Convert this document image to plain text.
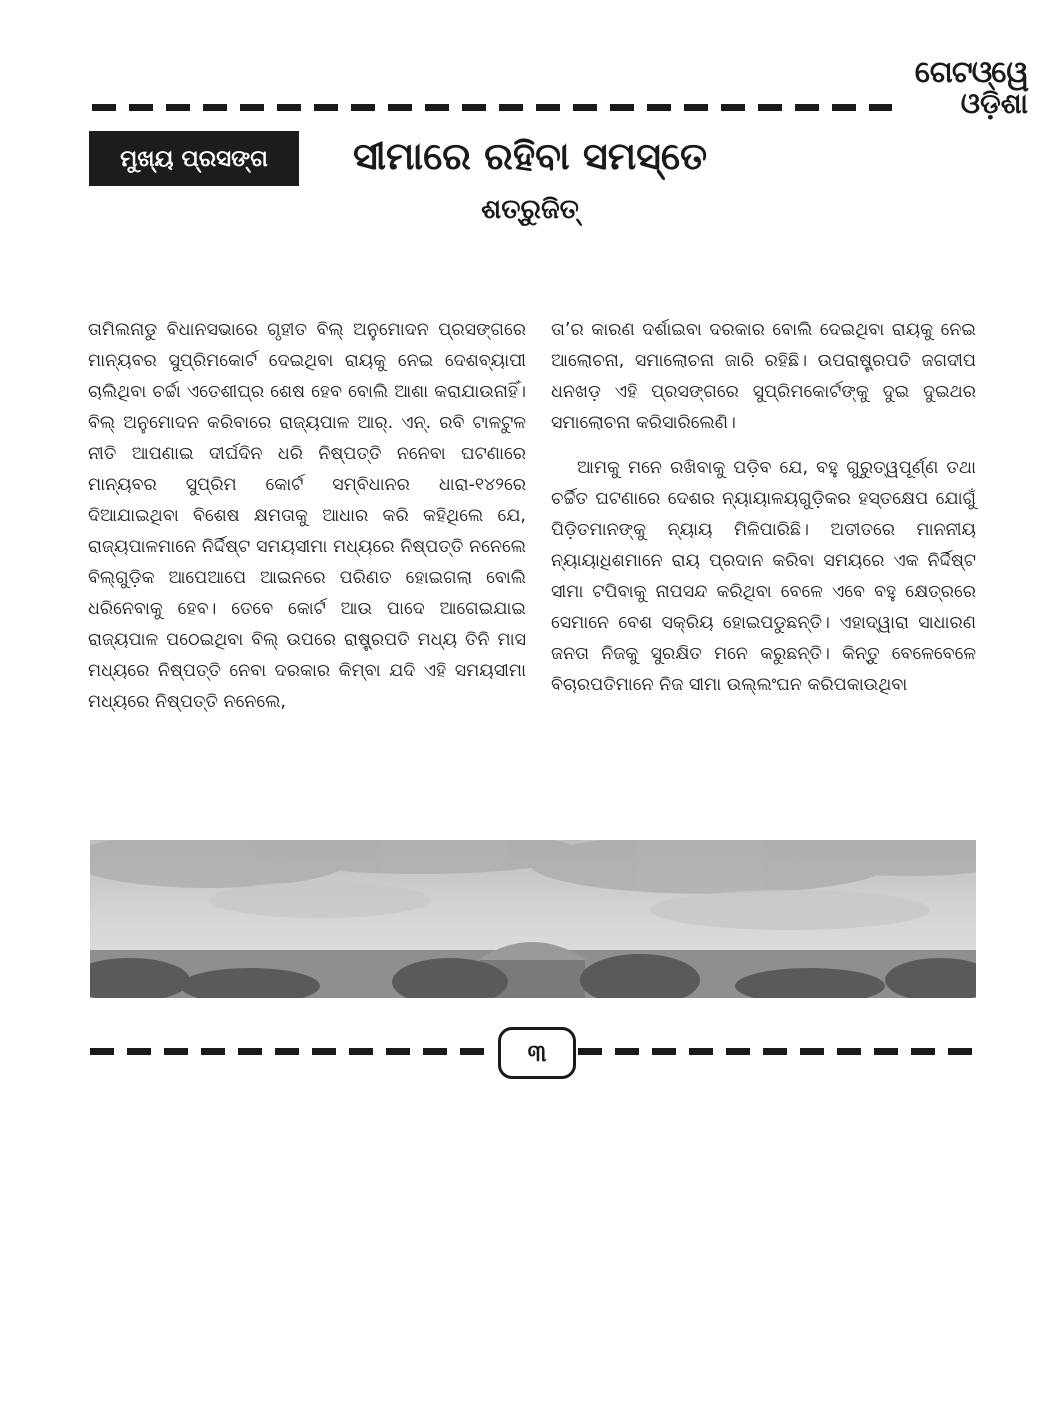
ଗେଟଓ୍ୱେ
ଓଡ଼ିଶା
ମୁଖ୍ୟ ପ୍ରସଙ୍ଗ	ସୀମାରେ ରହିବା ସମସ୍ତେ
ଶତ୍ରୁଜିତ୍

ତାମିଲନାଡୁ ବିଧାନସଭାରେ ଗୃହୀତ ବିଲ୍ ଅନୁମୋଦନ ପ୍ରସଙ୍ଗରେ ମାନ୍ୟବର ସୁପ୍ରିମକୋର୍ଟ ଦେଇଥିବା ରାୟକୁ ନେଇ ଦେଶବ୍ୟାପୀ ଚାଲିଥିବା ଚର୍ଚ୍ଚା ଏତେଶୀଘ୍ର ଶେଷ ହେବ ବୋଲି ଆଶା କରାଯାଉନାହିଁ। ବିଲ୍ ଅନୁମୋଦନ କରିବାରେ ରାଜ୍ୟପାଳ ଆର୍. ଏନ୍. ରବି ଟାଳଟୁଳ ନୀତି ଆପଣାଇ ଦୀର୍ଘଦିନ ଧରି ନିଷ୍ପତ୍ତି ନନେବା ଘଟଣାରେ ମାନ୍ୟବର ସୁପ୍ରିମ କୋର୍ଟ ସମ୍ବିଧାନର ଧାରା-୧୪୨ରେ ଦିଆଯାଇଥିବା ବିଶେଷ କ୍ଷମତାକୁ ଆଧାର କରି କହିଥିଲେ ଯେ, ରାଜ୍ୟପାଳମାନେ ନିର୍ଦ୍ଦିଷ୍ଟ ସମୟସୀମା ମଧ୍ୟରେ ନିଷ୍ପତ୍ତି ନନେଲେ ବିଲ୍‌ଗୁଡ଼ିକ ଆପେଆପେ ଆଇନରେ ପରିଣତ ହୋଇଗଲା ବୋଲି ଧରିନେବାକୁ ହେବ। ତେବେ କୋର୍ଟ ଆଉ ପାଦେ ଆଗେଇଯାଇ ରାଜ୍ୟପାଳ ପଠେଇଥିବା ବିଲ୍ ଉପରେ ରାଷ୍ଟ୍ରପତି ମଧ୍ୟ ତିନି ମାସ ମଧ୍ୟରେ ନିଷ୍ପତ୍ତି ନେବା ଦରକାର କିମ୍ବା ଯଦି ଏହି ସମୟସୀମା ମଧ୍ୟରେ ନିଷ୍ପତ୍ତି ନନେଲେ,

ତା’ର କାରଣ ଦର୍ଶାଇବା ଦରକାର ବୋଲି ଦେଇଥିବା ରାୟକୁ ନେଇ ଆଲୋଚନା, ସମାଲୋଚନା ଜାରି ରହିଛି। ଉପରାଷ୍ଟ୍ରପତି ଜଗଦୀପ ଧନଖଡ଼ ଏହି ପ୍ରସଙ୍ଗରେ ସୁପ୍ରିମକୋର୍ଟଙ୍କୁ ଦୁଇ ଦୁଇଥର ସମାଲୋଚନା କରିସାରିଲେଣି।

ଆମକୁ ମନେ ରଖିବାକୁ ପଡ଼ିବ ଯେ, ବହୁ ଗୁରୁତ୍ୱପୂର୍ଣ୍ଣ ତଥା ଚର୍ଚ୍ଚିତ ଘଟଣାରେ ଦେଶର ନ୍ୟାୟାଳୟଗୁଡ଼ିକର ହସ୍ତକ୍ଷେପ ଯୋଗୁଁ ପିଡ଼ିତମାନଙ୍କୁ ନ୍ୟାୟ ମିଳିପାରିଛି। ଅତୀତରେ ମାନନୀୟ ନ୍ୟାୟାଧିଶମାନେ ରାୟ ପ୍ରଦାନ କରିବା ସମୟରେ ଏକ ନିର୍ଦ୍ଦିଷ୍ଟ ସୀମା ଟପିବାକୁ ନାପସନ୍ଦ କରିଥିବା ବେଳେ ଏବେ ବହୁ କ୍ଷେତ୍ରରେ ସେମାନେ ବେଶ ସକ୍ରିୟ ହୋଇପଡୁଛନ୍ତି। ଏହାଦ୍ୱାରା ସାଧାରଣ ଜନତା ନିଜକୁ ସୁରକ୍ଷିତ ମନେ କରୁଛନ୍ତି। କିନ୍ତୁ ବେଳେବେଳେ ବିଚାରପତିମାନେ ନିଜ ସୀମା ଉଲ୍ଲଂଘନ କରିପକାଉଥିବା

୩
